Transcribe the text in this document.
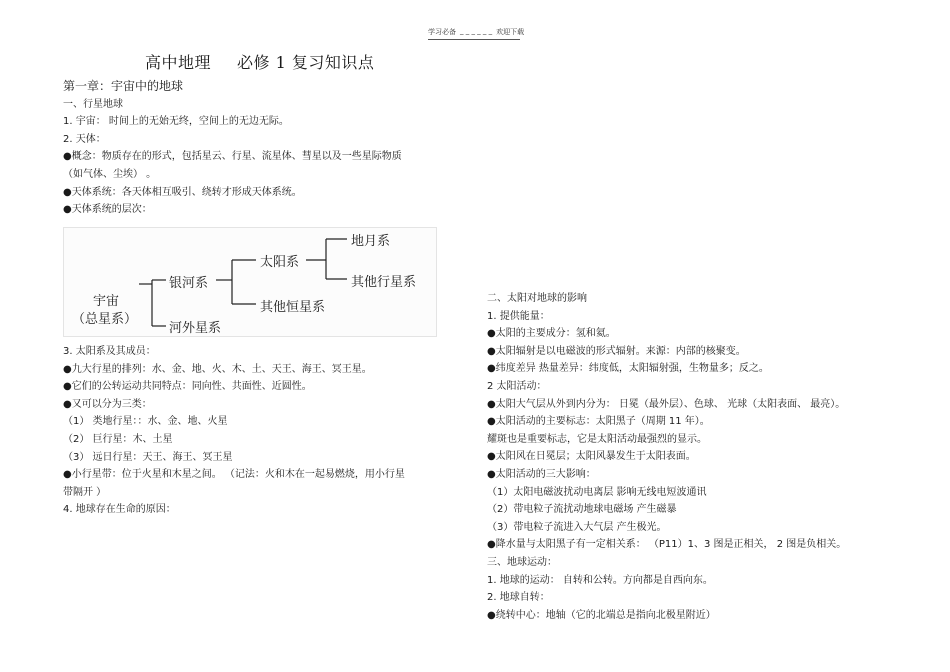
学习必备 _ _ _ _ _ _ 欢迎下载
高中地理 必修 1 复习知识点
第一章：宇宙中的地球
一、行星地球
1. 宇宙： 时间上的无始无终，空间上的无边无际。
2. 天体：
●概念：物质存在的形式，包括星云、行星、流星体、彗星以及一些星际物质
（如气体、尘埃） 。
●天体系统：各天体相互吸引、绕转才形成天体系统。
●天体系统的层次：
宇宙
（总星系）
银河系
河外星系
太阳系
其他恒星系
地月系
其他行星系
3. 太阳系及其成员：
●九大行星的排列：水、金、地、火、木、土、天王、海王、冥王星。
●它们的公转运动共同特点：同向性、共面性、近圆性。
●又可以分为三类：
（1） 类地行星：：水、金、地、火星
（2） 巨行星：木、土星
（3） 远日行星：天王、海王、冥王星
●小行星带：位于火星和木星之间。 （记法：火和木在一起易燃烧，用小行星
带隔开 ）
4. 地球存在生命的原因：
二、太阳对地球的影响
1. 提供能量：
●太阳的主要成分：氢和氦。
●太阳辐射是以电磁波的形式辐射。来源：内部的核聚变。
●纬度差异 热量差异：纬度低，太阳辐射强，生物量多；反之。
2 太阳活动：
●太阳大气层从外到内分为： 日冕（最外层）、色球、 光球（太阳表面、 最亮）。
●太阳活动的主要标志：太阳黑子（周期 11 年）。
耀斑也是重要标志，它是太阳活动最强烈的显示。
●太阳风在日冕层；太阳风暴发生于太阳表面。
●太阳活动的三大影响：
（1）太阳电磁波扰动电离层 影响无线电短波通讯
（2）带电粒子流扰动地球电磁场 产生磁暴
（3）带电粒子流进入大气层 产生极光。
●降水量与太阳黑子有一定相关系： （P11）1、3 图是正相关， 2 图是负相关。
三、地球运动：
1. 地球的运动： 自转和公转。方向都是自西向东。
2. 地球自转：
●绕转中心：地轴（它的北端总是指向北极星附近）
